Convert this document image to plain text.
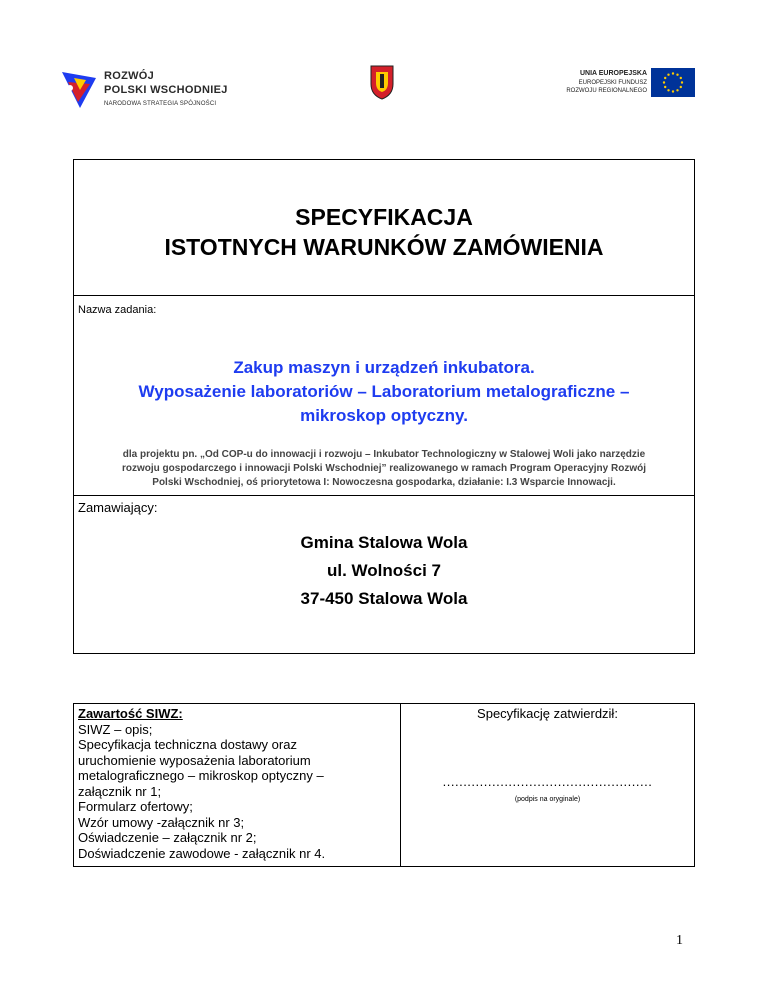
ROZWÓJ
POLSKI WSCHODNIEJ
NARODOWA STRATEGIA SPÓJNOŚCI
UNIA EUROPEJSKA
EUROPEJSKI FUNDUSZ
ROZWOJU REGIONALNEGO
SPECYFIKACJA
ISTOTNYCH WARUNKÓW ZAMÓWIENIA
Nazwa zadania:
Zakup maszyn i urządzeń inkubatora.
Wyposażenie laboratoriów – Laboratorium metalograficzne –
mikroskop optyczny.
dla projektu pn. „Od COP-u do innowacji i rozwoju – Inkubator Technologiczny w Stalowej Woli jako narzędzie
rozwoju gospodarczego i innowacji Polski Wschodniej” realizowanego w ramach Program Operacyjny Rozwój
Polski Wschodniej, oś priorytetowa I: Nowoczesna gospodarka, działanie: I.3 Wsparcie Innowacji.
Zamawiający:
Gmina Stalowa Wola
ul. Wolności 7
37-450 Stalowa Wola
Zawartość SIWZ:
SIWZ – opis;
Specyfikacja techniczna dostawy oraz
uruchomienie wyposażenia laboratorium
metalograficznego – mikroskop optyczny –
załącznik nr 1;
Formularz ofertowy;
Wzór umowy -załącznik nr 3;
Oświadczenie – załącznik nr 2;
Doświadczenie zawodowe - załącznik nr 4.
Specyfikację zatwierdził:
...................................................
(podpis na oryginale)
1
